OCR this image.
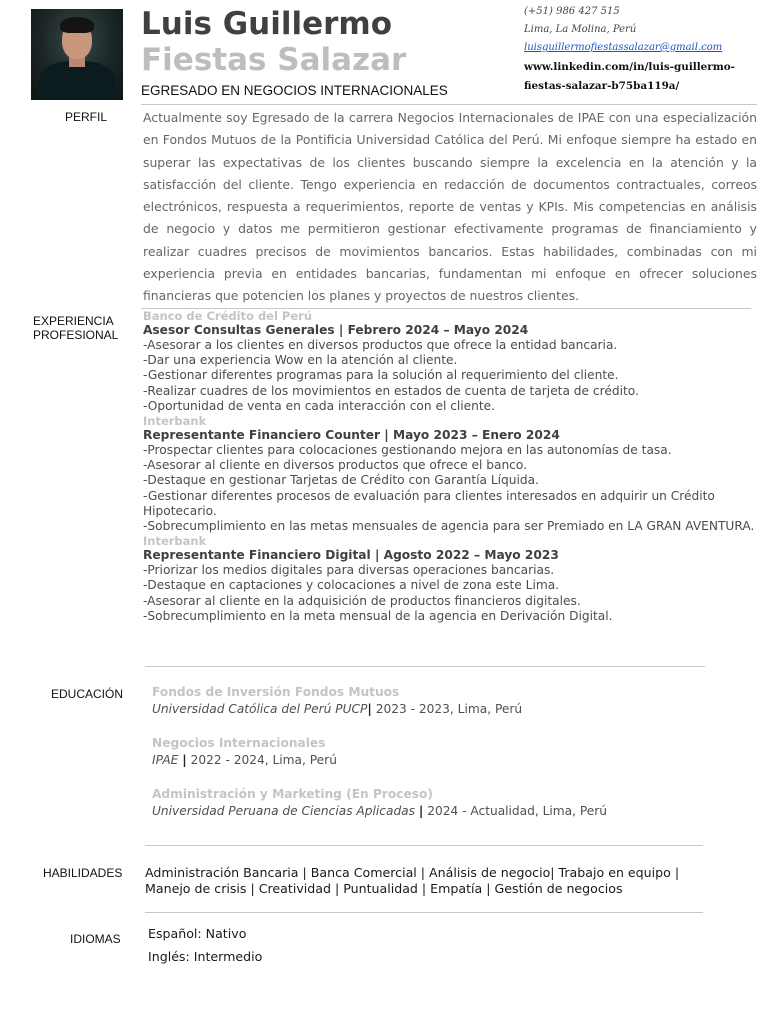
Luis Guillermo
Fiestas Salazar
EGRESADO EN NEGOCIOS INTERNACIONALES
(+51) 986 427 515
Lima, La Molina, Perú
luisguillermofiestassalazar@gmail.com
www.linkedin.com/in/luis-guillermo-fiestas-salazar-b75ba119a/
PERFIL	Actualmente soy Egresado de la carrera Negocios Internacionales de IPAE con una especialización en Fondos Mutuos de la Pontificia Universidad Católica del Perú. Mi enfoque siempre ha estado en superar las expectativas de los clientes buscando siempre la excelencia en la atención y la satisfacción del cliente. Tengo experiencia en redacción de documentos contractuales, correos electrónicos, respuesta a requerimientos, reporte de ventas y KPIs. Mis competencias en análisis de negocio y datos me permitieron gestionar efectivamente programas de financiamiento y realizar cuadres precisos de movimientos bancarios. Estas habilidades, combinadas con mi experiencia previa en entidades bancarias, fundamentan mi enfoque en ofrecer soluciones financieras que potencien los planes y proyectos de nuestros clientes.
EXPERIENCIA
PROFESIONAL
Banco de Crédito del Perú
Asesor Consultas Generales | Febrero 2024 – Mayo 2024
- Asesorar a los clientes en diversos productos que ofrece la entidad bancaria.
- Dar una experiencia Wow en la atención al cliente.
- Gestionar diferentes programas para la solución al requerimiento del cliente.
- Realizar cuadres de los movimientos en estados de cuenta de tarjeta de crédito.
- Oportunidad de venta en cada interacción con el cliente.
Interbank
Representante Financiero Counter | Mayo 2023 – Enero 2024
- Prospectar clientes para colocaciones gestionando mejora en las autonomías de tasa.
- Asesorar al cliente en diversos productos que ofrece el banco.
- Destaque en gestionar Tarjetas de Crédito con Garantía Líquida.
- Gestionar diferentes procesos de evaluación para clientes interesados en adquirir un Crédito Hipotecario.
- Sobrecumplimiento en las metas mensuales de agencia para ser Premiado en LA GRAN AVENTURA.
Interbank
Representante Financiero Digital | Agosto 2022 – Mayo 2023
- Priorizar los medios digitales para diversas operaciones bancarias.
- Destaque en captaciones y colocaciones a nivel de zona este Lima.
- Asesorar al cliente en la adquisición de productos financieros digitales.
- Sobrecumplimiento en la meta mensual de la agencia en Derivación Digital.
EDUCACIÓN Fondos de Inversión Fondos Mutuos
Universidad Católica del Perú PUCP| 2023 - 2023, Lima, Perú
Negocios Internacionales
IPAE | 2022 - 2024, Lima, Perú
Administración y Marketing (En Proceso)
Universidad Peruana de Ciencias Aplicadas | 2024 - Actualidad, Lima, Perú
HABILIDADES Administración Bancaria | Banca Comercial | Análisis de negocio| Trabajo en equipo | Manejo de crisis | Creatividad | Puntualidad | Empatía | Gestión de negocios
IDIOMAS Español: Nativo
Inglés: Intermedio
